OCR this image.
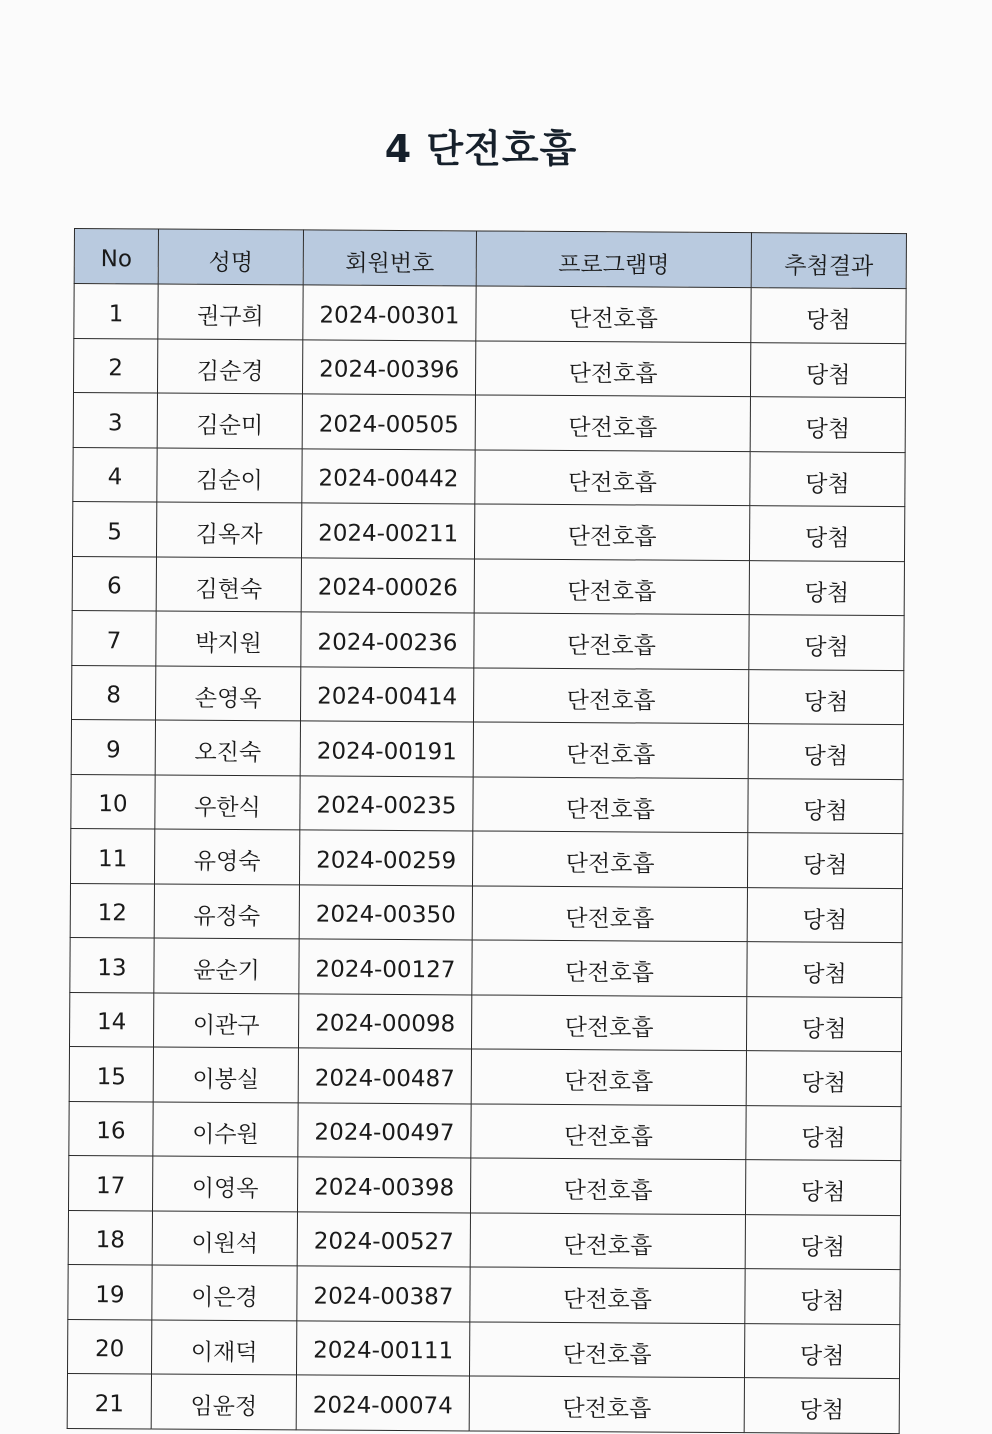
4 단전호흡
No	성명	회원번호	프로그램명	추첨결과
1	권구희	2024-00301	단전호흡	당첨
2	김순경	2024-00396	단전호흡	당첨
3	김순미	2024-00505	단전호흡	당첨
4	김순이	2024-00442	단전호흡	당첨
5	김옥자	2024-00211	단전호흡	당첨
6	김현숙	2024-00026	단전호흡	당첨
7	박지원	2024-00236	단전호흡	당첨
8	손영옥	2024-00414	단전호흡	당첨
9	오진숙	2024-00191	단전호흡	당첨
10	우한식	2024-00235	단전호흡	당첨
11	유영숙	2024-00259	단전호흡	당첨
12	유정숙	2024-00350	단전호흡	당첨
13	윤순기	2024-00127	단전호흡	당첨
14	이관구	2024-00098	단전호흡	당첨
15	이봉실	2024-00487	단전호흡	당첨
16	이수원	2024-00497	단전호흡	당첨
17	이영옥	2024-00398	단전호흡	당첨
18	이원석	2024-00527	단전호흡	당첨
19	이은경	2024-00387	단전호흡	당첨
20	이재덕	2024-00111	단전호흡	당첨
21	임윤정	2024-00074	단전호흡	당첨
